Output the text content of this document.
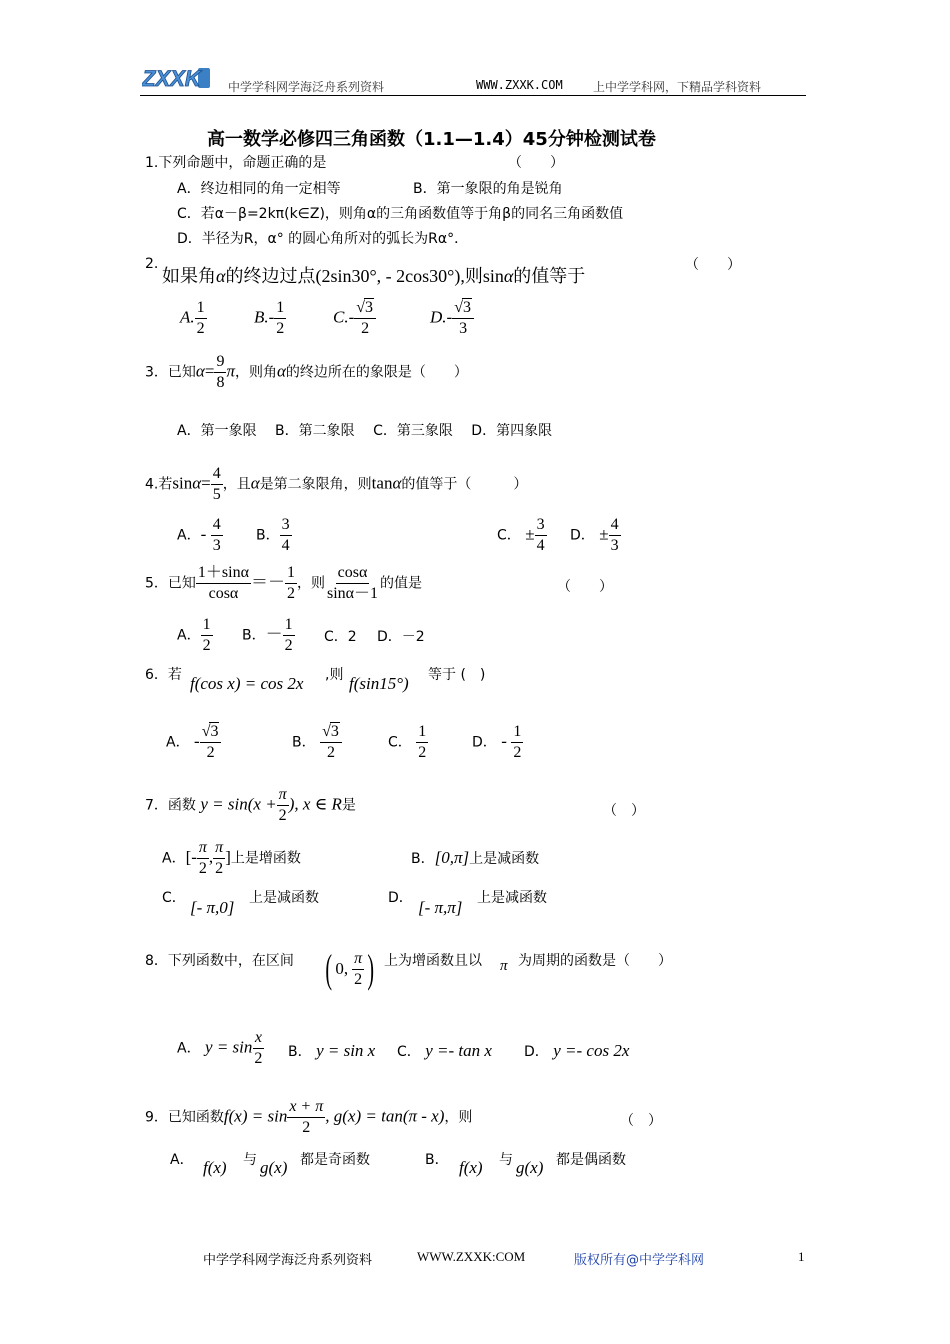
ZXXK 中学学科网学海泛舟系列资料	WWW.ZXXK.COM	上中学学科网，下精品学科资料
高一数学必修四三角函数（1.1—1.4）45分钟检测试卷
1.下列命题中，命题正确的是	（　　）
A．终边相同的角一定相等	B．第一象限的角是锐角
C．若α－β=2kπ(k∈Z)，则角α的三角函数值等于角β的同名三角函数值
D．半径为R，α° 的圆心角所对的弧长为Rα°．
2.
如果角α的终边过点(2sin30°, - 2cos30°),则sinα的值等于
（　　）
A. $\frac{1}{2}$	$B.- \frac{1}{2}$	$C.- \frac{√3}{2}$	$D.- \frac{√3}{3}$
3．已知$\alpha= \frac{9}{8}$ π，则角α的终边所在的象限是（　　）
A．第一象限　 B．第二象限　 C．第三象限　 D．第四象限
4.若$\sin\alpha= \frac{4}{5}$ ，且α是第二象限角，则tanα的值等于（　　　）
A．- $\frac{4}{3}$ B． $\frac{3}{4}$	C． ± $\frac{3}{4}$ D． ± $\frac{4}{3}$
5．已知 $\frac{1+\sin\alpha}{\cos\alpha} =- \frac{1}{2}$ ，则 $\frac{\cos\alpha}{\sin\alpha-1}$ 的值是	（　　）
A． $\frac{1}{2}$ B．－ $\frac{1}{2}$ C．2 D．－2
6．若 f(cos x) = cos 2x ,则 f(sin15°) 等于 (　)
A． - $\frac{√3}{2}$	B． $\frac{√3}{2}$	C． $\frac{1}{2}$	D． - $\frac{1}{2}$
7．函数 $y = \sin(x + \frac{\pi}{2}$ ), x ∈ R是	（　）
A．[- $\frac{\pi}{2}$ , $\frac{\pi}{2}$ ]上是增函数	B．[0,π]上是减函数
C． [- π,0] 上是减函数	D． [- π,π] 上是减函数
8．下列函数中，在区间 ( 0,
π
2 ) 上为增函数且以 π 为周期的函数是（　　）
A． $y = \sin \frac{x}{2}$ B． y = sin x C． y =- tan x D． y =- cos 2x
9．已知函数$f(x) = \sin \frac{x + \pi}{2}$ , g(x) = tan(π - x)，则	（　）
A． f(x) 与 g(x) 都是奇函数	B． f(x) 与 g(x) 都是偶函数
中学学科网学海泛舟系列资料	WWW.ZXXK:COM	版权所有@中学学科网	1
